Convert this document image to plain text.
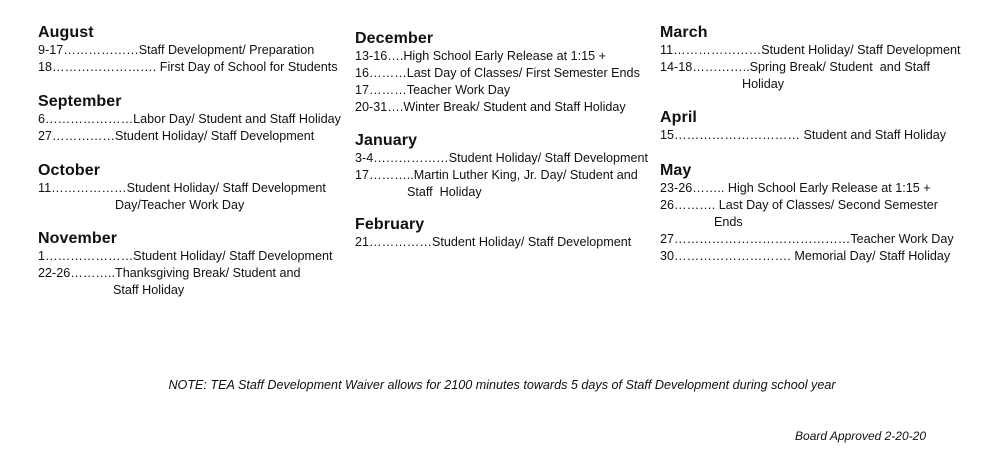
August
9-17………………Staff Development/ Preparation
18……………………. First Day of School for Students
September
6…………………Labor Day/ Student and Staff Holiday
27……………Student Holiday/ Staff Development
October
11………………Student Holiday/ Staff Development
Day/Teacher Work Day
November
1…………………Student Holiday/ Staff Development
22-26………..Thanksgiving Break/ Student and
Staff Holiday
December
13-16….High School Early Release at 1:15 +
16………Last Day of Classes/ First Semester Ends
17………Teacher Work Day
20-31….Winter Break/ Student and Staff Holiday
January
3-4………………Student Holiday/ Staff Development
17………..Martin Luther King, Jr. Day/ Student and
Staff  Holiday
February
21……………Student Holiday/ Staff Development
March
11…………………Student Holiday/ Staff Development
14-18…………..Spring Break/ Student  and Staff
Holiday
April
15………………………… Student and Staff Holiday
May
23-26…….. High School Early Release at 1:15 +
26………. Last Day of Classes/ Second Semester
Ends
27……………………………………Teacher Work Day
30………………………. Memorial Day/ Staff Holiday
NOTE: TEA Staff Development Waiver allows for 2100 minutes towards 5 days of Staff Development during school year
Board Approved 2-20-20
